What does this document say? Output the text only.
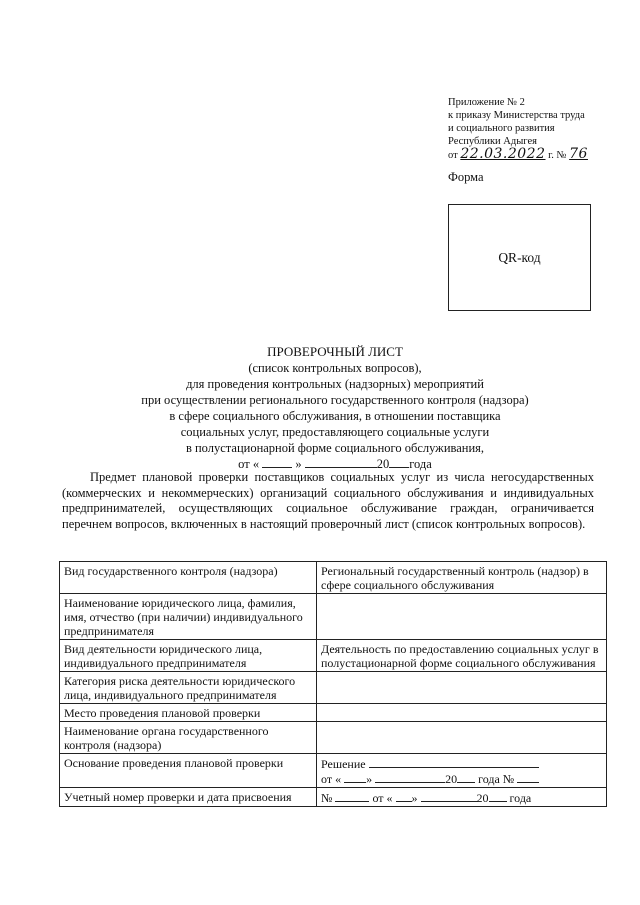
Приложение № 2
к приказу Министерства труда
и социального развития
Республики Адыгея
от 22.03.2022 г. № 76
Форма
QR-код
ПРОВЕРОЧНЫЙ ЛИСТ
(список контрольных вопросов),
для проведения контрольных (надзорных) мероприятий
при осуществлении регионального государственного контроля (надзора)
в сфере социального обслуживания, в отношении поставщика
социальных услуг, предоставляющего социальные услуги
в полустационарной форме социального обслуживания,
от «	»	20 года

Предмет плановой проверки поставщиков социальных услуг из числа негосударственных (коммерческих и некоммерческих) организаций социального обслуживания и индивидуальных предпринимателей, осуществляющих социальное обслуживание граждан, ограничивается перечнем вопросов, включенных в настоящий проверочный лист (список контрольных вопросов).

Вид государственного контроля (надзора)	Региональный государственный контроль (надзор) в сфере социального обслуживания
Наименование юридического лица, фамилия, имя, отчество (при наличии) индивидуального предпринимателя	
Вид деятельности юридического лица, индивидуального предпринимателя	Деятельность по предоставлению социальных услуг в полустационарной форме социального обслуживания
Категория риска деятельности юридического лица, индивидуального предпринимателя	
Место проведения плановой проверки	
Наименование органа государственного контроля (надзора)	
Основание проведения плановой проверки	Решение
от « » 20 года №

Учетный номер проверки и дата присвоения	№ от « » 20 года
